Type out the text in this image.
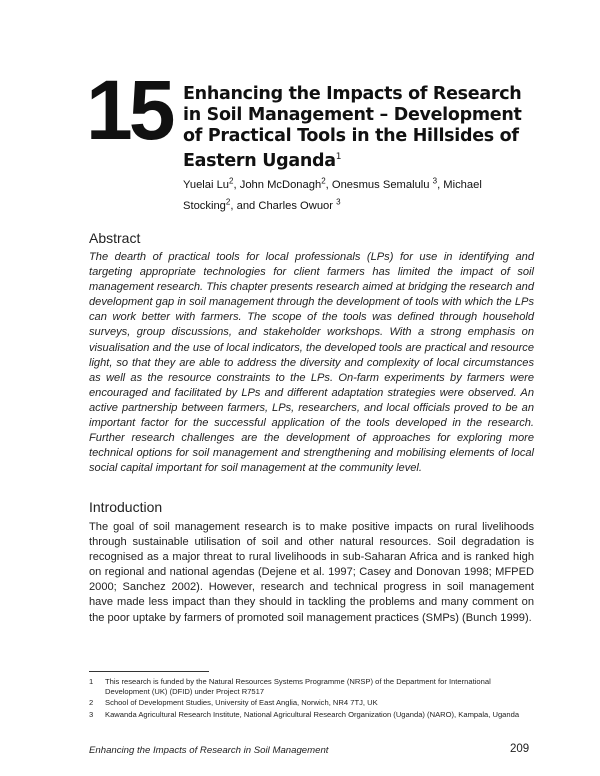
15 Enhancing the Impacts of Research in Soil Management – Development of Practical Tools in the Hillsides of Eastern Uganda$^1$
Yuelai Lu$^2$, John McDonagh$^2$, Onesmus Semalulu $^3$, Michael Stocking$^2$, and Charles Owuor $^3$
Abstract

The dearth of practical tools for local professionals (LPs) for use in identifying and targeting appropriate technologies for client farmers has limited the impact of soil management research. This chapter presents research aimed at bridging the research and development gap in soil management through the development of tools with which the LPs can work better with farmers. The scope of the tools was defined through household surveys, group discussions, and stakeholder workshops. With a strong emphasis on visualisation and the use of local indicators, the developed tools are practical and resource light, so that they are able to address the diversity and complexity of local circumstances as well as the resource constraints to the LPs. On-farm experiments by farmers were encouraged and facilitated by LPs and different adaptation strategies were observed. An active partnership between farmers, LPs, researchers, and local officials proved to be an important factor for the successful application of the tools developed in the research. Further research challenges are the development of approaches for exploring more technical options for soil management and strengthening and mobilising elements of local social capital important for soil management at the community level.

Introduction

The goal of soil management research is to make positive impacts on rural livelihoods through sustainable utilisation of soil and other natural resources. Soil degradation is recognised as a major threat to rural livelihoods in sub-Saharan Africa and is ranked high on regional and national agendas (Dejene et al. 1997; Casey and Donovan 1998; MFPED 2000; Sanchez 2002). However, research and technical progress in soil management have made less impact than they should in tackling the problems and many comment on the poor uptake by farmers of promoted soil management practices (SMPs) (Bunch 1999).

1	This research is funded by the Natural Resources Systems Programme (NRSP) of the Department for International Development (UK) (DFID) under Project R7517
2	School of Development Studies, University of East Anglia, Norwich, NR4 7TJ, UK
3	Kawanda Agricultural Research Institute, National Agricultural Research Organization (Uganda) (NARO), Kampala, Uganda
Enhancing the Impacts of Research in Soil Management	209
